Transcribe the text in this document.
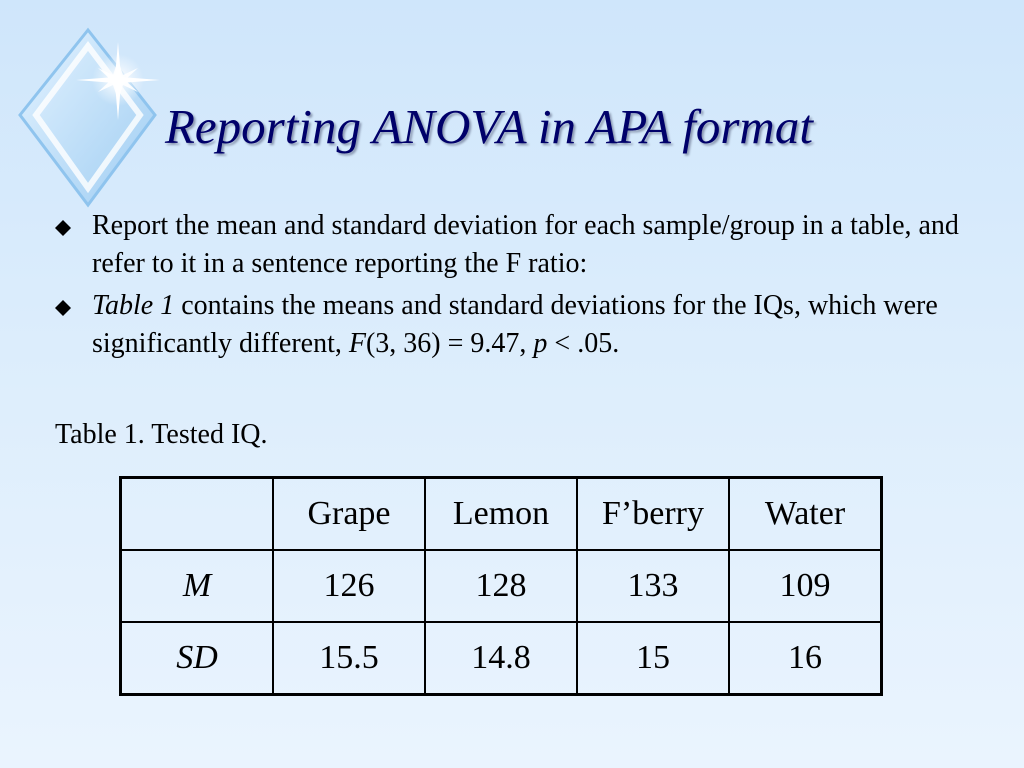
Reporting ANOVA in APA format
Report the mean and standard deviation for each sample/group in a table, and refer to it in a sentence reporting the F ratio:
Table 1 contains the means and standard deviations for the IQs, which were significantly different, F(3, 36) = 9.47, p < .05.

Table 1. Tested IQ.

	Grape	Lemon	F’berry	Water
M	126	128	133	109
SD	15.5	14.8	15	16
